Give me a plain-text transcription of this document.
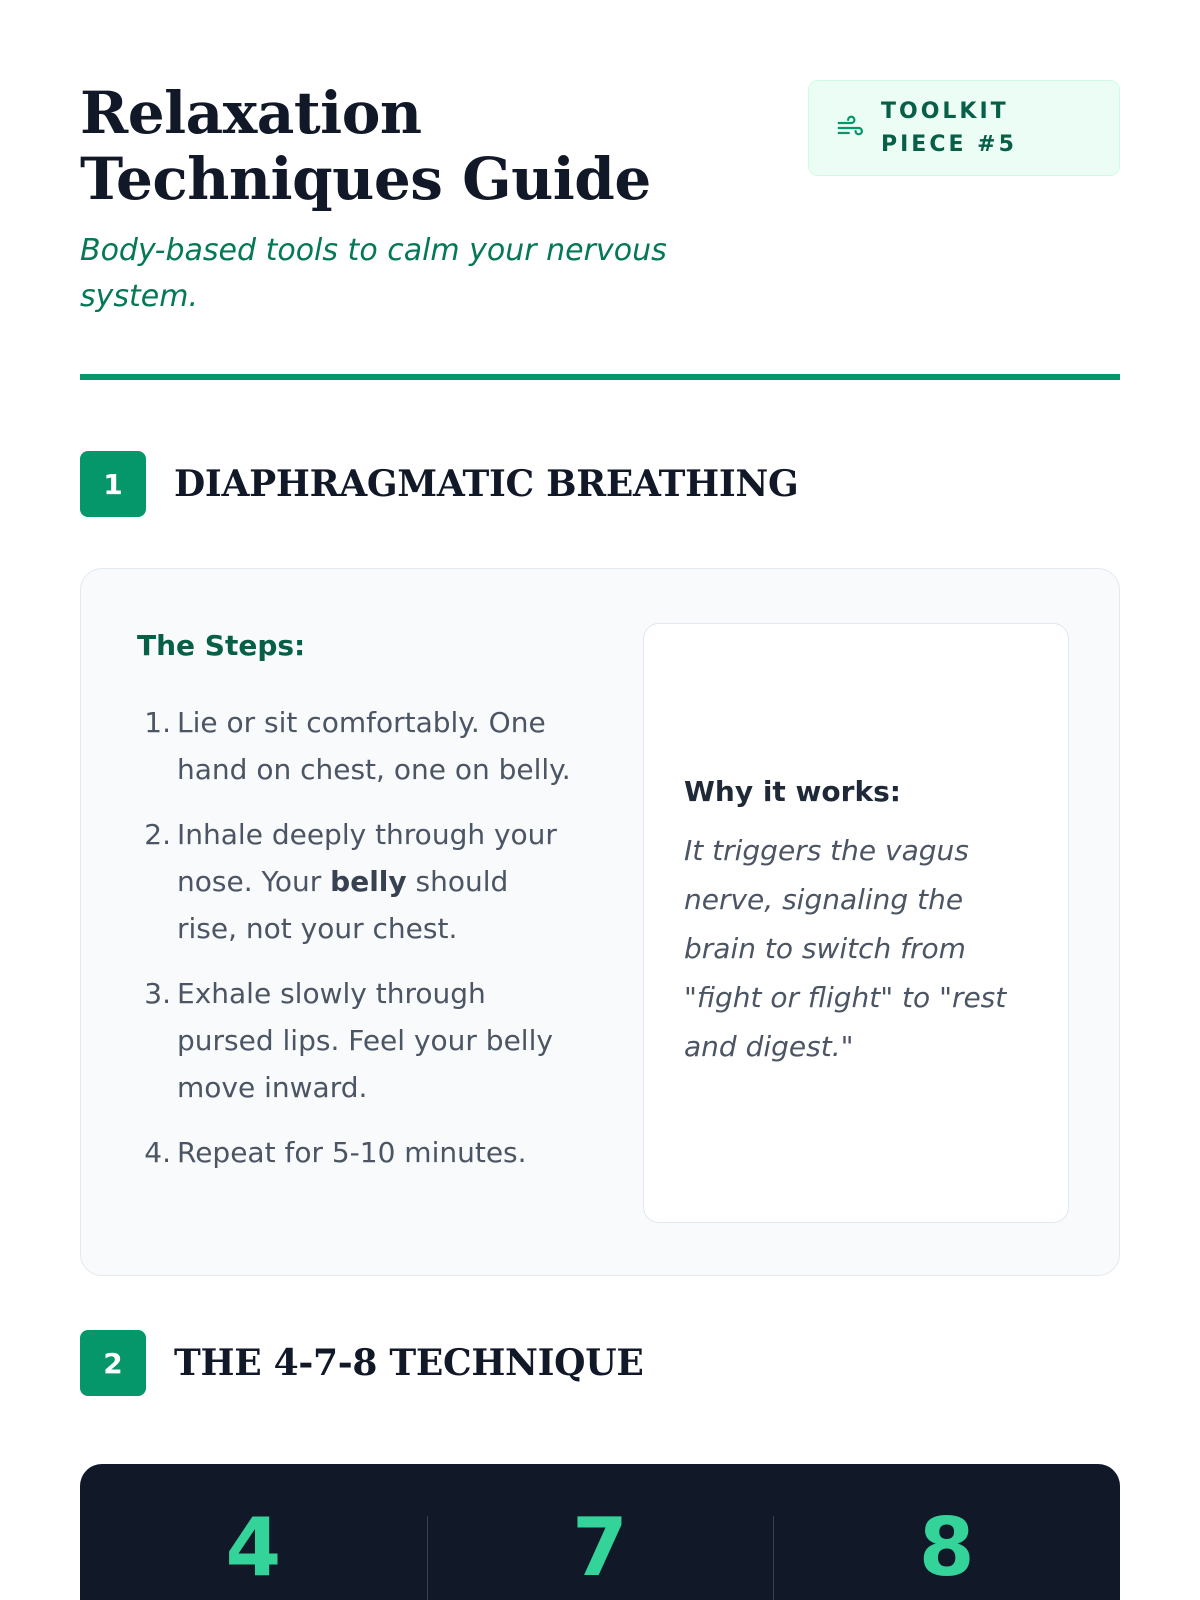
Relaxation Techniques Guide

Body-based tools to calm your nervous system.

TOOLKIT PIECE #5
1	DIAPHRAGMATIC BREATHING
The Steps:
1. Lie or sit comfortably. One hand on chest, one on belly.
2. Inhale deeply through your nose. Your belly should rise, not your chest.
3. Exhale slowly through pursed lips. Feel your belly move inward.
4. Repeat for 5-10 minutes.
Why it works:

It triggers the vagus nerve, signaling the brain to switch from "fight or flight" to "rest and digest."

2	THE 4-7-8 TECHNIQUE
4	7	8
